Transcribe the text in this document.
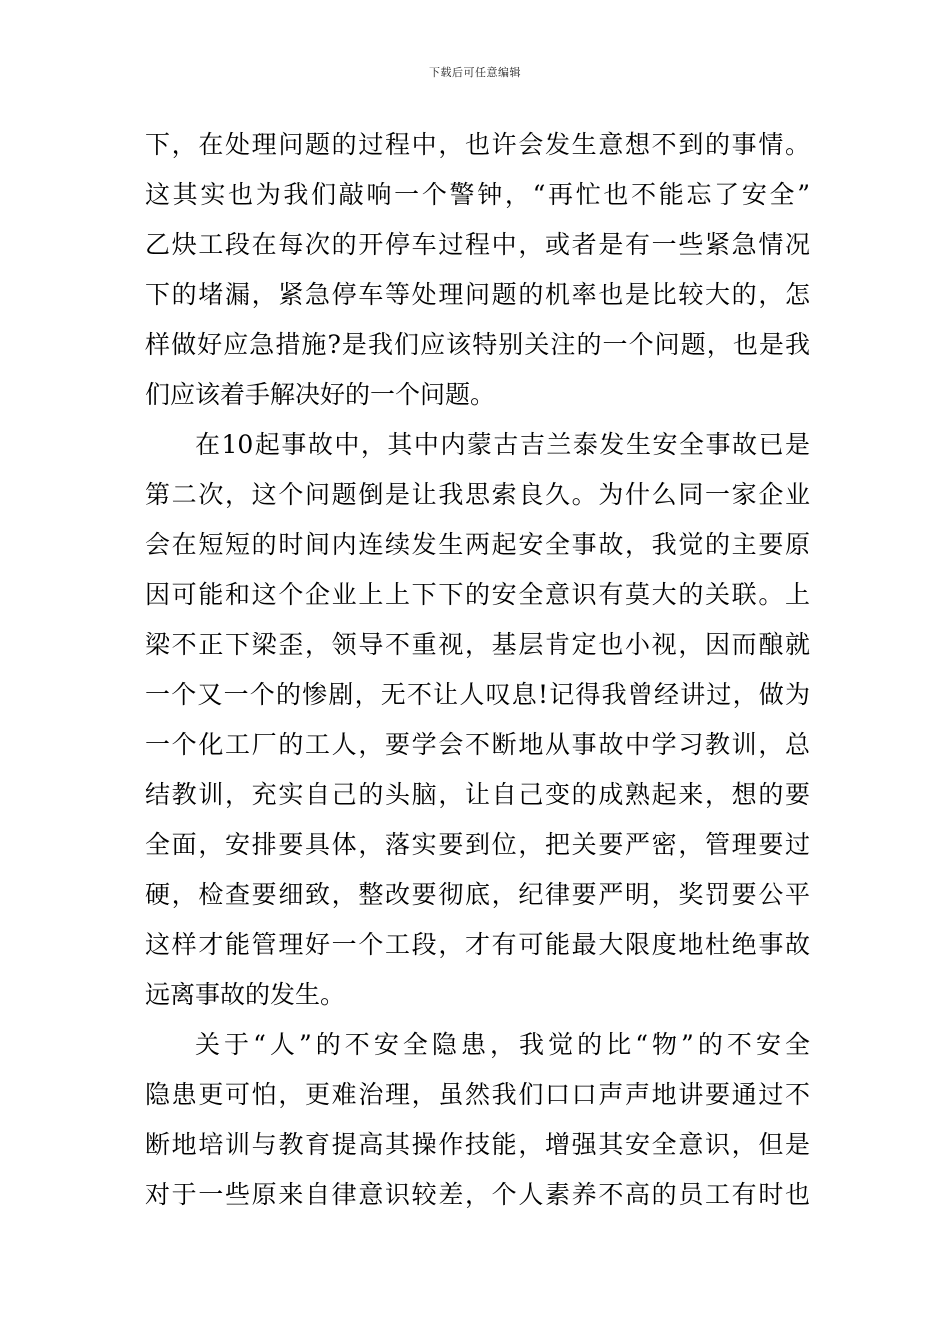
下载后可任意编辑
下，在处理问题的过程中，也许会发生意想不到的事情。
这其实也为我们敲响一个警钟，“再忙也不能忘了安全”
乙炔工段在每次的开停车过程中，或者是有一些紧急情况
下的堵漏，紧急停车等处理问题的机率也是比较大的，怎
样做好应急措施?是我们应该特别关注的一个问题，也是我
们应该着手解决好的一个问题。
在10起事故中，其中内蒙古吉兰泰发生安全事故已是
第二次，这个问题倒是让我思索良久。为什么同一家企业
会在短短的时间内连续发生两起安全事故，我觉的主要原
因可能和这个企业上上下下的安全意识有莫大的关联。上
梁不正下梁歪，领导不重视，基层肯定也小视，因而酿就
一个又一个的惨剧，无不让人叹息!记得我曾经讲过，做为
一个化工厂的工人，要学会不断地从事故中学习教训，总
结教训，充实自己的头脑，让自己变的成熟起来，想的要
全面，安排要具体，落实要到位，把关要严密，管理要过
硬，检查要细致，整改要彻底，纪律要严明，奖罚要公平
这样才能管理好一个工段，才有可能最大限度地杜绝事故
远离事故的发生。
关于“人”的不安全隐患，我觉的比“物”的不安全
隐患更可怕，更难治理，虽然我们口口声声地讲要通过不
断地培训与教育提高其操作技能，增强其安全意识，但是
对于一些原来自律意识较差，个人素养不高的员工有时也
